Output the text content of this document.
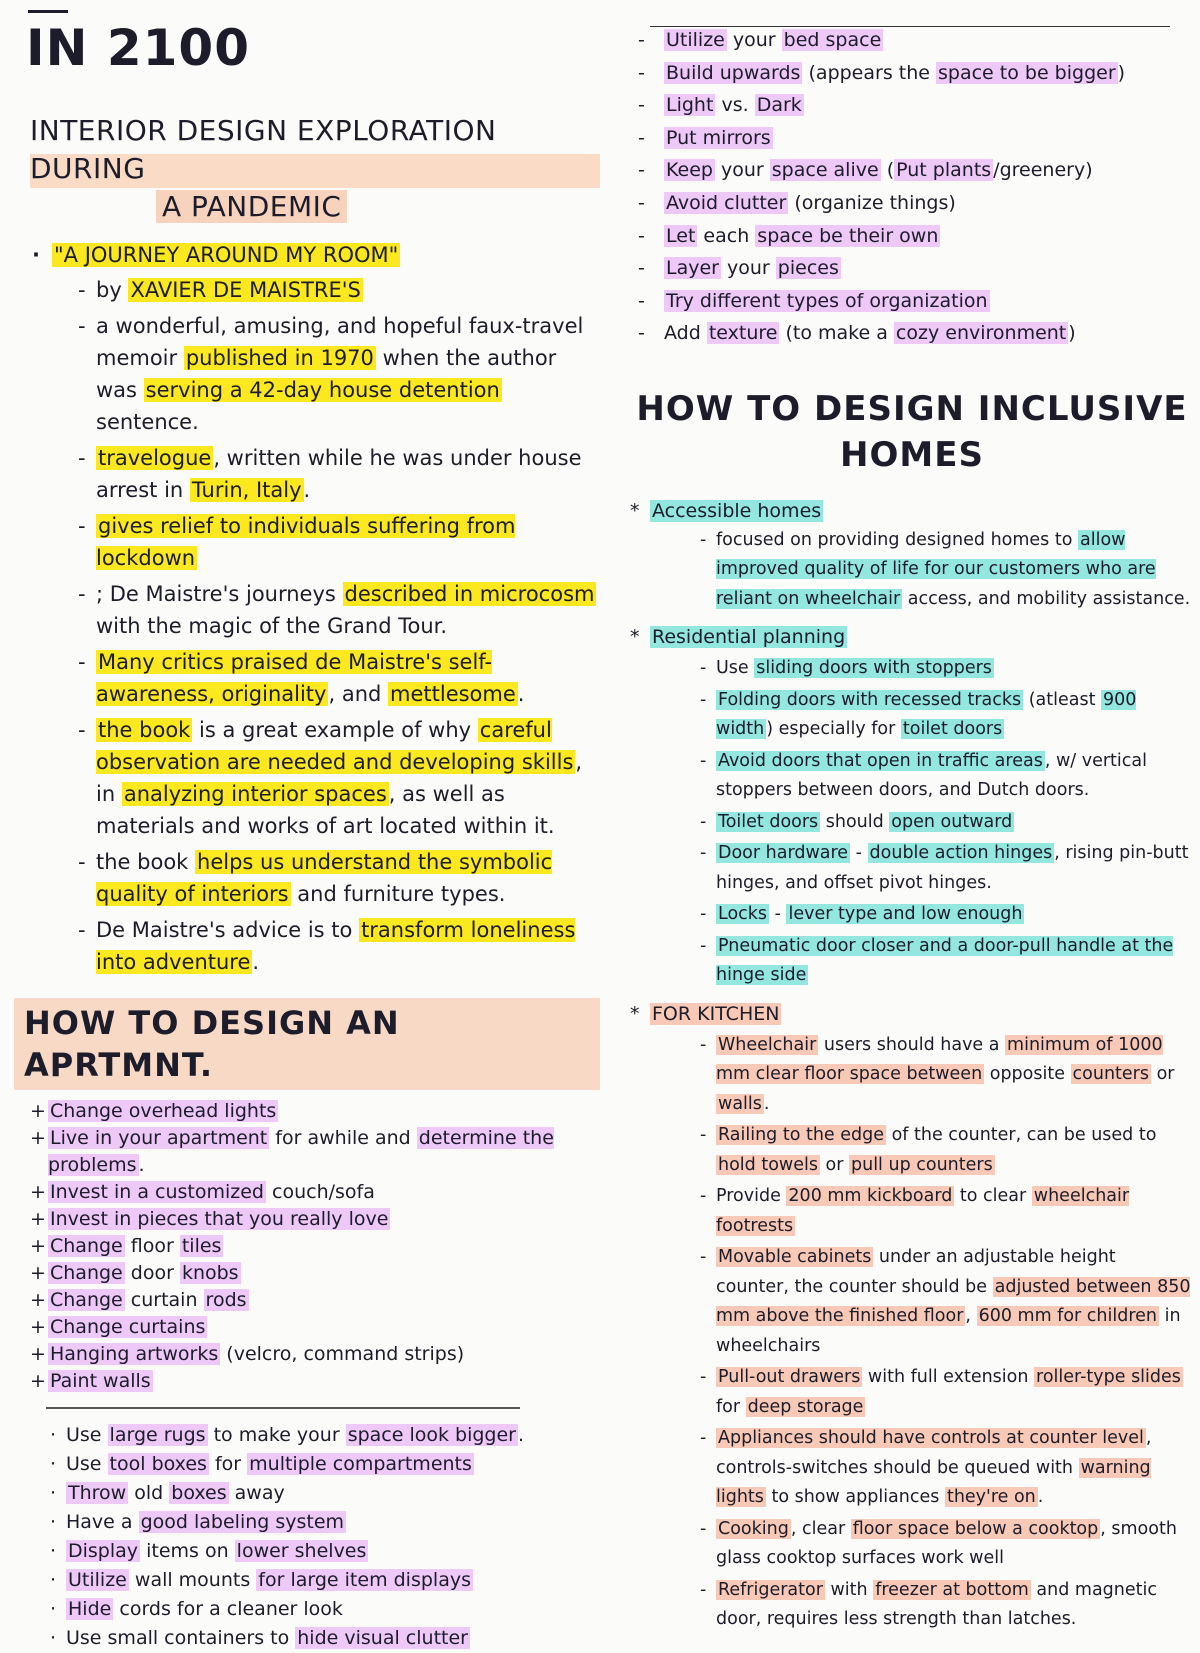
IN 2100
INTERIOR DESIGN EXPLORATION DURING
A PANDEMIC
· "A JOURNEY AROUND MY ROOM"
- by XAVIER DE MAISTRE'S
- a wonderful, amusing, and hopeful faux-travel memoir published in 1970 when the author was serving a 42-day house detention sentence.
- travelogue, written while he was under house arrest in Turin, Italy.
- gives relief to individuals suffering from lockdown
- ; De Maistre's journeys described in microcosm with the magic of the Grand Tour.
- Many critics praised de Maistre's self-awareness, originality, and mettlesome.
- the book is a great example of why careful observation are needed and developing skills, in analyzing interior spaces, as well as materials and works of art located within it.
- the book helps us understand the symbolic quality of interiors and furniture types.
- De Maistre's advice is to transform loneliness into adventure.
HOW TO DESIGN AN APRTMNT.
+ Change overhead lights
+ Live in your apartment for awhile and determine the problems .
+ Invest in a customized couch/sofa
+ Invest in pieces that you really love
+ Change floor tiles
+ Change door knobs
+ Change curtain rods
+ Change curtains
+ Hanging artworks (velcro, command strips)
+ Paint walls
· Use large rugs to make your space look bigger .
· Use tool boxes for multiple compartments
· Throw old boxes away
· Have a good labeling system
· Display items on lower shelves
· Utilize wall mounts for large item displays
· Hide cords for a cleaner look
· Use small containers to hide visual clutter
- Utilize your bed space
- Build upwards (appears the space to be bigger )
- Light vs. Dark
- Put mirrors
- Keep your space alive ( Put plants /greenery)
- Avoid clutter (organize things)
- Let each space be their own
- Layer your pieces
- Try different types of organization
- Add texture (to make a cozy environment )
HOW TO DESIGN INCLUSIVE
HOMES
* Accessible homes
- focused on providing designed homes to allow improved quality of life for our customers who are reliant on wheelchair access, and mobility assistance.
* Residential planning
- Use sliding doors with stoppers
- Folding doors with recessed tracks (atleast 900 width ) especially for toilet doors
- Avoid doors that open in traffic areas , w/ vertical stoppers between doors, and Dutch doors.
- Toilet doors should open outward
- Door hardware - double action hinges , rising pin-butt hinges, and offset pivot hinges.
- Locks - lever type and low enough
- Pneumatic door closer and a door-pull handle at the hinge side
* FOR KITCHEN
- Wheelchair users should have a minimum of 1000 mm clear floor space between opposite counters or walls .
- Railing to the edge of the counter, can be used to hold towels or pull up counters
- Provide 200 mm kickboard to clear wheelchair footrests
- Movable cabinets under an adjustable height counter, the counter should be adjusted between 850 mm above the finished floor , 600 mm for children in wheelchairs
- Pull-out drawers with full extension roller-type slides for deep storage
- Appliances should have controls at counter level , controls-switches should be queued with warning lights to show appliances they're on .
- Cooking , clear floor space below a cooktop , smooth glass cooktop surfaces work well
- Refrigerator with freezer at bottom and magnetic door, requires less strength than latches.
